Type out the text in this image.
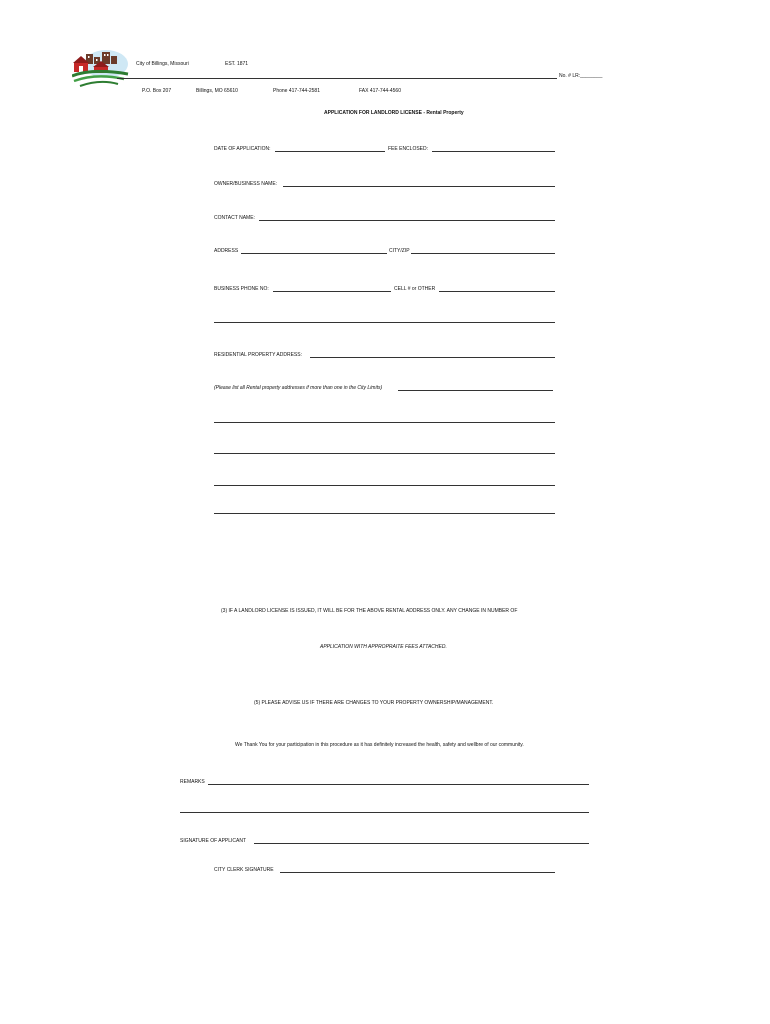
City of Billings, Missouri	EST. 1871
No. # LR:________
P.O. Box 207	Billings, MO 65610	Phone 417-744-2581	FAX 417-744-4560
APPLICATION FOR LANDLORD LICENSE - Rental Property
DATE OF APPLICATION:	FEE ENCLOSED:
OWNER/BUSINESS NAME:
CONTACT NAME:
ADDRESS	CITY/ZIP
BUSINESS PHONE NO:	CELL # or OTHER
RESIDENTIAL PROPERTY ADDRESS:
(Please list all Rental property addresses if more than one in the City Limits)
(3) IF A LANDLORD LICENSE IS ISSUED, IT WILL BE FOR THE ABOVE RENTAL ADDRESS ONLY. ANY CHANGE IN NUMBER OF
APPLICATION WITH APPROPRAITE FEES ATTACHED.
(5) PLEASE ADVISE US IF THERE ARE CHANGES TO YOUR PROPERTY OWNERSHIP/MANAGEMENT.
We Thank You for your participation in this procedure as it has definitely increased the health, safety and wellbre of our community.
REMARKS
SIGNATURE OF APPLICANT
CITY CLERK SIGNATURE
